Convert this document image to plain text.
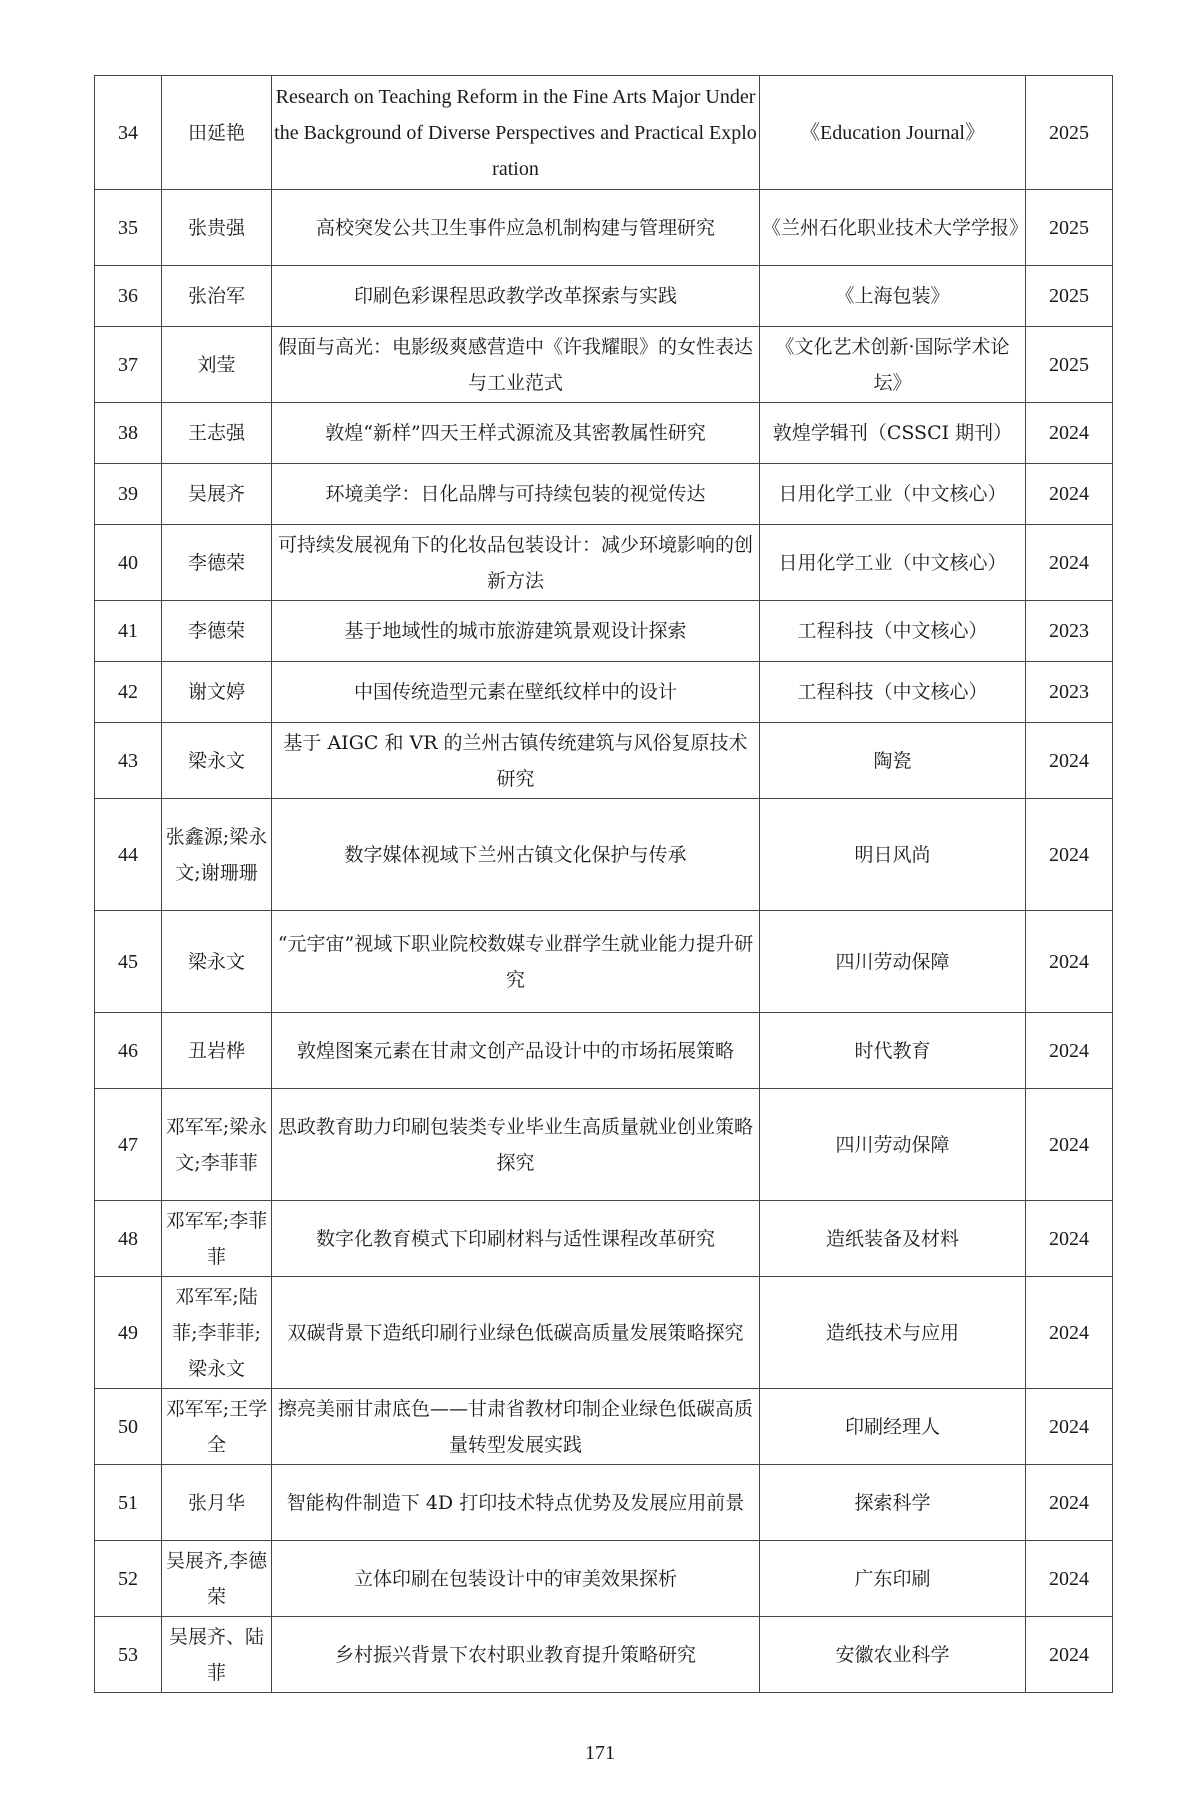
34	田延艳	Research on Teaching Reform in the Fine Arts Major Under the Background of Diverse Perspectives and Practical Exploration	《Education Journal》	2025
35	张贵强	高校突发公共卫生事件应急机制构建与管理研究	《兰州石化职业技术大学学报》	2025
36	张治军	印刷色彩课程思政教学改革探索与实践	《上海包装》	2025
37	刘莹	假面与高光：电影级爽感营造中《许我耀眼》的女性表达与工业范式	《文化艺术创新·国际学术论坛》	2025
38	王志强	敦煌“新样”四天王样式源流及其密教属性研究	敦煌学辑刊（CSSCI 期刊）	2024
39	吴展齐	环境美学：日化品牌与可持续包装的视觉传达	日用化学工业（中文核心）	2024
40	李德荣	可持续发展视角下的化妆品包装设计：减少环境影响的创新方法	日用化学工业（中文核心）	2024
41	李德荣	基于地域性的城市旅游建筑景观设计探索	工程科技（中文核心）	2023
42	谢文婷	中国传统造型元素在壁纸纹样中的设计	工程科技（中文核心）	2023
43	梁永文	基于 AIGC 和 VR 的兰州古镇传统建筑与风俗复原技术研究	陶瓷	2024
44	张鑫源;梁永文;谢珊珊	数字媒体视域下兰州古镇文化保护与传承	明日风尚	2024
45	梁永文	“元宇宙”视域下职业院校数媒专业群学生就业能力提升研究	四川劳动保障	2024
46	丑岩桦	敦煌图案元素在甘肃文创产品设计中的市场拓展策略	时代教育	2024
47	邓军军;梁永文;李菲菲	思政教育助力印刷包装类专业毕业生高质量就业创业策略探究	四川劳动保障	2024
48	邓军军;李菲菲	数字化教育模式下印刷材料与适性课程改革研究	造纸装备及材料	2024
49	邓军军;陆菲;李菲菲;梁永文	双碳背景下造纸印刷行业绿色低碳高质量发展策略探究	造纸技术与应用	2024
50	邓军军;王学全	擦亮美丽甘肃底色——甘肃省教材印制企业绿色低碳高质量转型发展实践	印刷经理人	2024
51	张月华	智能构件制造下 4D 打印技术特点优势及发展应用前景	探索科学	2024
52	吴展齐,李德荣	立体印刷在包装设计中的审美效果探析	广东印刷	2024
53	吴展齐、陆菲	乡村振兴背景下农村职业教育提升策略研究	安徽农业科学	2024
171
